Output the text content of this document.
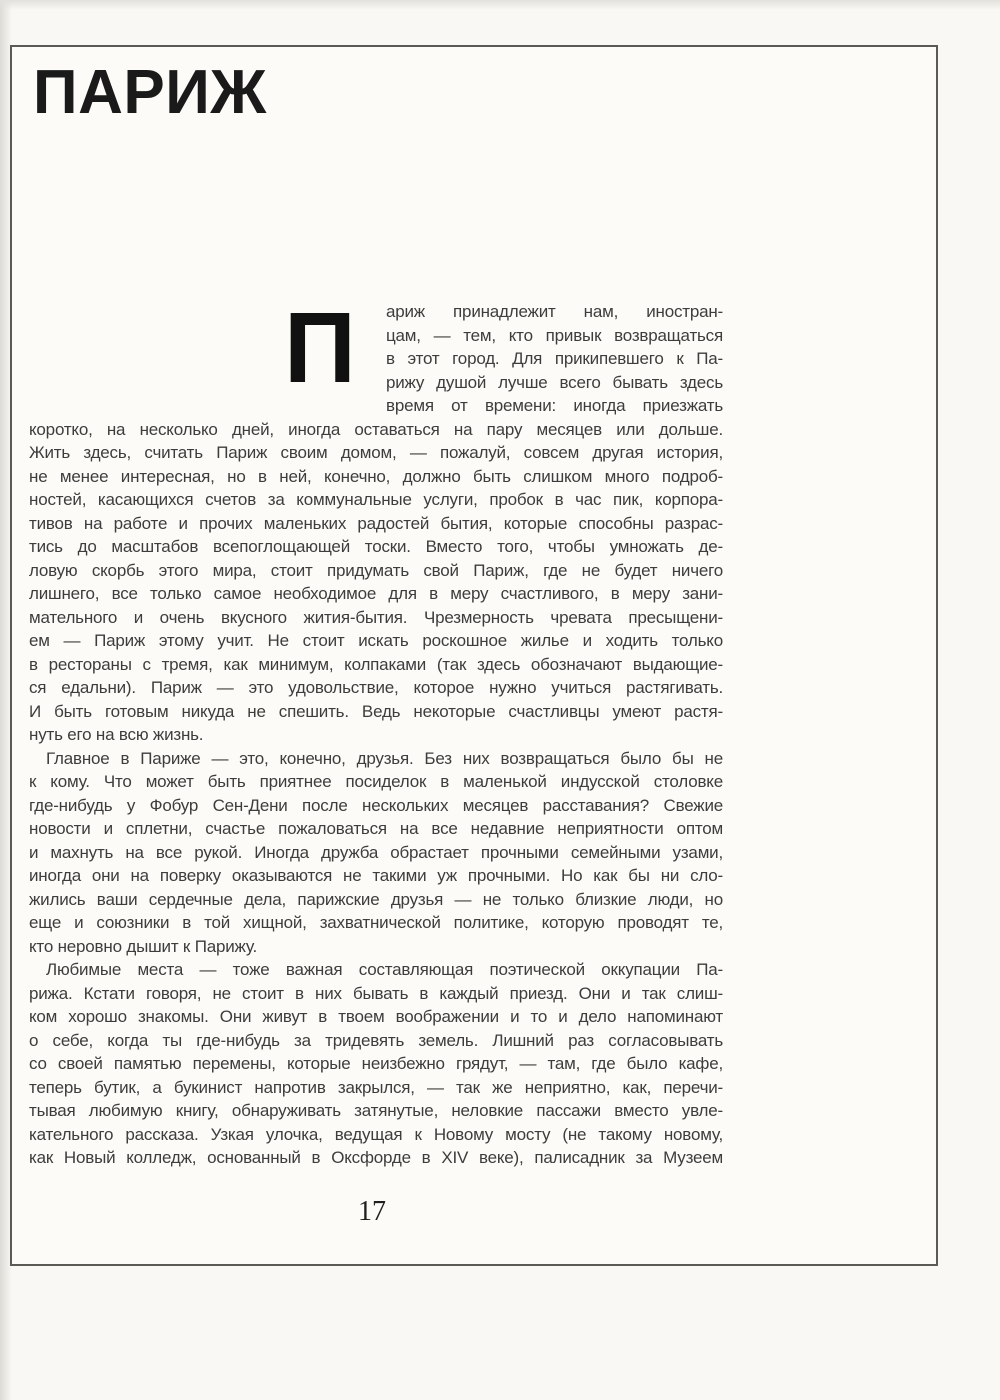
ПАРИЖ
П ариж принадлежит нам, иностран-
цам, — тем, кто привык возвращаться
в этот город. Для прикипевшего к Па-
рижу душой лучше всего бывать здесь
время от времени: иногда приезжать
коротко, на несколько дней, иногда оставаться на пару месяцев или дольше.
Жить здесь, считать Париж своим домом, — пожалуй, совсем другая история,
не менее интересная, но в ней, конечно, должно быть слишком много подроб-
ностей, касающихся счетов за коммунальные услуги, пробок в час пик, корпора-
тивов на работе и прочих маленьких радостей бытия, которые способны разрас-
тись до масштабов всепоглощающей тоски. Вместо того, чтобы умножать де-
ловую скорбь этого мира, стоит придумать свой Париж, где не будет ничего
лишнего, все только самое необходимое для в меру счастливого, в меру зани-
мательного и очень вкусного жития-бытия. Чрезмерность чревата пресыщени-
ем — Париж этому учит. Не стоит искать роскошное жилье и ходить только
в рестораны с тремя, как минимум, колпаками (так здесь обозначают выдающие-
ся едальни). Париж — это удовольствие, которое нужно учиться растягивать.
И быть готовым никуда не спешить. Ведь некоторые счастливцы умеют растя-
нуть его на всю жизнь.
Главное в Париже — это, конечно, друзья. Без них возвращаться было бы не
к кому. Что может быть приятнее посиделок в маленькой индусской столовке
где-нибудь у Фобур Сен-Дени после нескольких месяцев расставания? Свежие
новости и сплетни, счастье пожаловаться на все недавние неприятности оптом
и махнуть на все рукой. Иногда дружба обрастает прочными семейными узами,
иногда они на поверку оказываются не такими уж прочными. Но как бы ни сло-
жились ваши сердечные дела, парижские друзья — не только близкие люди, но
еще и союзники в той хищной, захватнической политике, которую проводят те,
кто неровно дышит к Парижу.
Любимые места — тоже важная составляющая поэтической оккупации Па-
рижа. Кстати говоря, не стоит в них бывать в каждый приезд. Они и так слиш-
ком хорошо знакомы. Они живут в твоем воображении и то и дело напоминают
о себе, когда ты где-нибудь за тридевять земель. Лишний раз согласовывать
со своей памятью перемены, которые неизбежно грядут, — там, где было кафе,
теперь бутик, а букинист напротив закрылся, — так же неприятно, как, перечи-
тывая любимую книгу, обнаруживать затянутые, неловкие пассажи вместо увле-
кательного рассказа. Узкая улочка, ведущая к Новому мосту (не такому новому,
как Новый колледж, основанный в Оксфорде в XIV веке), палисадник за Музеем
17
